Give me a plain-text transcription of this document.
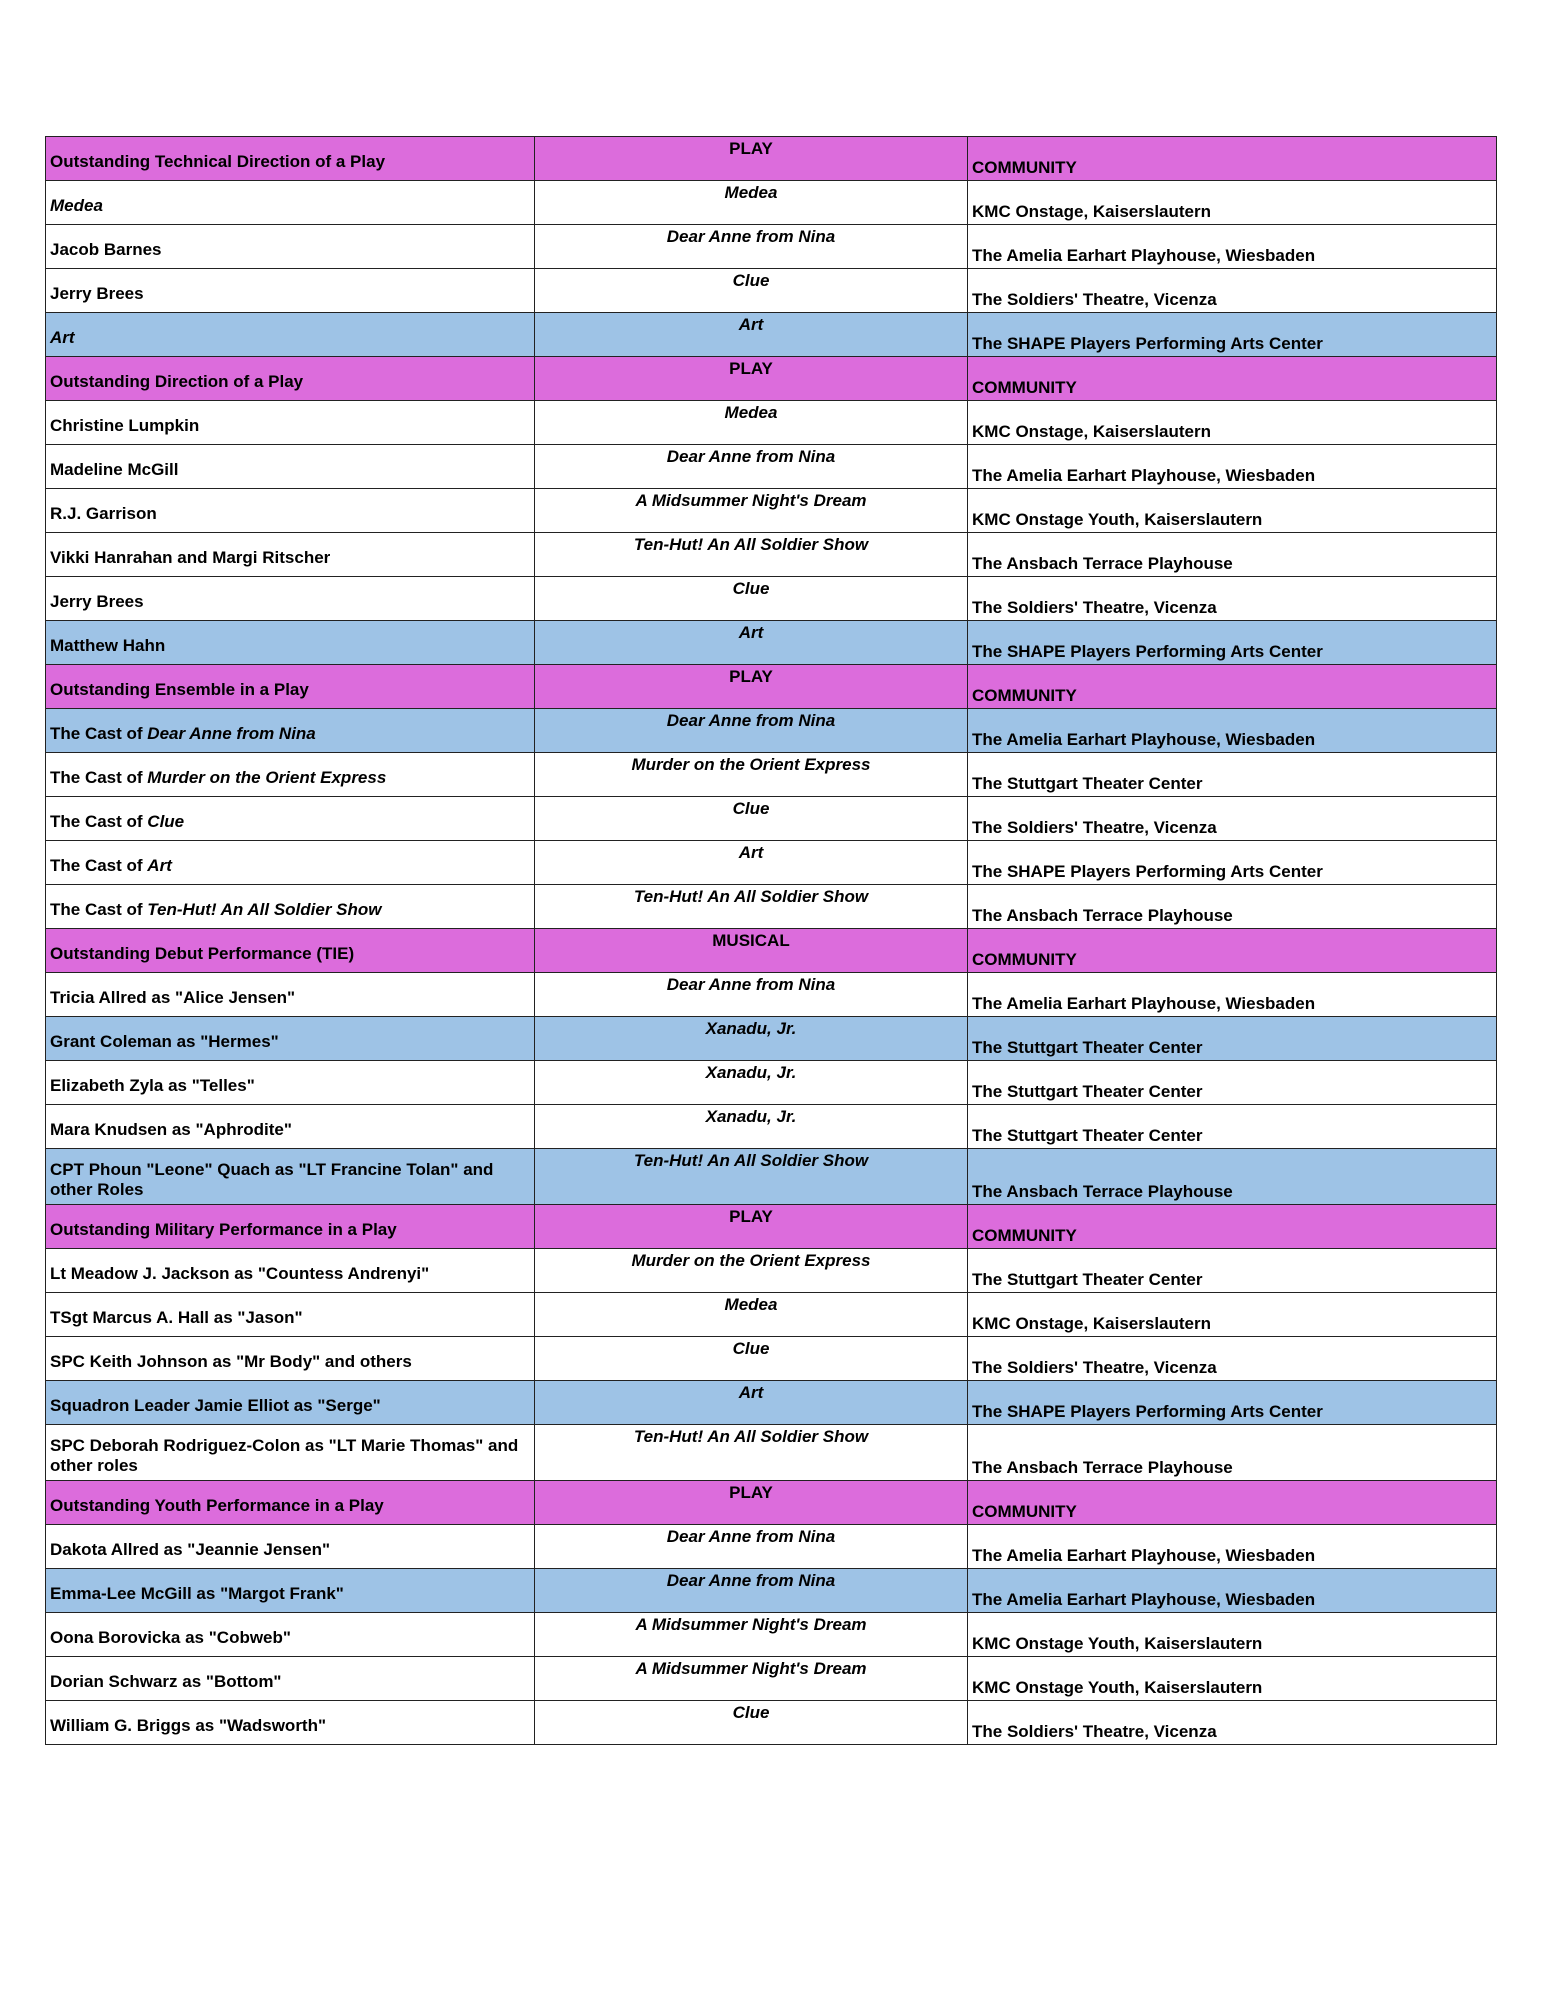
Outstanding Technical Direction of a Play	PLAY	COMMUNITY
Medea	Medea	KMC Onstage, Kaiserslautern
Jacob Barnes	Dear Anne from Nina	The Amelia Earhart Playhouse, Wiesbaden
Jerry Brees	Clue	The Soldiers' Theatre, Vicenza
Art	Art	The SHAPE Players Performing Arts Center
Outstanding Direction of a Play	PLAY	COMMUNITY
Christine Lumpkin	Medea	KMC Onstage, Kaiserslautern
Madeline McGill	Dear Anne from Nina	The Amelia Earhart Playhouse, Wiesbaden
R.J. Garrison	A Midsummer Night's Dream	KMC Onstage Youth, Kaiserslautern
Vikki Hanrahan and Margi Ritscher	Ten-Hut! An All Soldier Show	The Ansbach Terrace Playhouse
Jerry Brees	Clue	The Soldiers' Theatre, Vicenza
Matthew Hahn	Art	The SHAPE Players Performing Arts Center
Outstanding Ensemble in a Play	PLAY	COMMUNITY
The Cast of Dear Anne from Nina	Dear Anne from Nina	The Amelia Earhart Playhouse, Wiesbaden
The Cast of Murder on the Orient Express	Murder on the Orient Express	The Stuttgart Theater Center
The Cast of Clue	Clue	The Soldiers' Theatre, Vicenza
The Cast of Art	Art	The SHAPE Players Performing Arts Center
The Cast of Ten-Hut! An All Soldier Show	Ten-Hut! An All Soldier Show	The Ansbach Terrace Playhouse
Outstanding Debut Performance (TIE)	MUSICAL	COMMUNITY
Tricia Allred as "Alice Jensen"	Dear Anne from Nina	The Amelia Earhart Playhouse, Wiesbaden
Grant Coleman as "Hermes"	Xanadu, Jr.	The Stuttgart Theater Center
Elizabeth Zyla as "Telles"	Xanadu, Jr.	The Stuttgart Theater Center
Mara Knudsen as "Aphrodite"	Xanadu, Jr.	The Stuttgart Theater Center
CPT Phoun "Leone" Quach as "LT Francine Tolan" and other Roles	Ten-Hut! An All Soldier Show	The Ansbach Terrace Playhouse
Outstanding Military Performance in a Play	PLAY	COMMUNITY
Lt Meadow J. Jackson as "Countess Andrenyi"	Murder on the Orient Express	The Stuttgart Theater Center
TSgt Marcus A. Hall as "Jason"	Medea	KMC Onstage, Kaiserslautern
SPC Keith Johnson as "Mr Body" and others	Clue	The Soldiers' Theatre, Vicenza
Squadron Leader Jamie Elliot as "Serge"	Art	The SHAPE Players Performing Arts Center
SPC Deborah Rodriguez-Colon as "LT Marie Thomas" and other roles	Ten-Hut! An All Soldier Show	The Ansbach Terrace Playhouse
Outstanding Youth Performance in a Play	PLAY	COMMUNITY
Dakota Allred as "Jeannie Jensen"	Dear Anne from Nina	The Amelia Earhart Playhouse, Wiesbaden
Emma-Lee McGill as "Margot Frank"	Dear Anne from Nina	The Amelia Earhart Playhouse, Wiesbaden
Oona Borovicka as "Cobweb"	A Midsummer Night's Dream	KMC Onstage Youth, Kaiserslautern
Dorian Schwarz as "Bottom"	A Midsummer Night's Dream	KMC Onstage Youth, Kaiserslautern
William G. Briggs as "Wadsworth"	Clue	The Soldiers' Theatre, Vicenza
